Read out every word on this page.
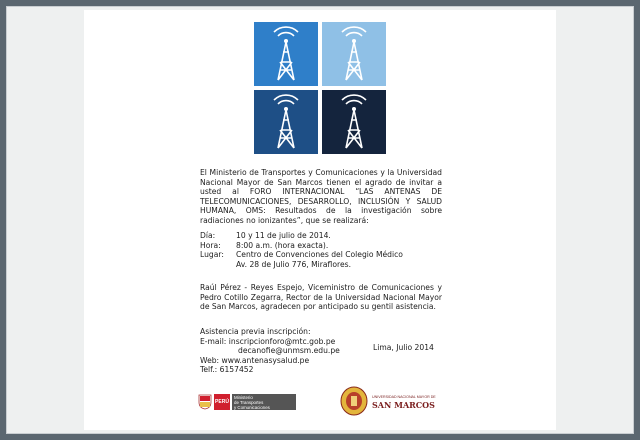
El Ministerio de Transportes y Comunicaciones y la Universidad Nacional Mayor de San Marcos tienen el agrado de invitar a usted al FORO INTERNACIONAL “LAS ANTENAS DE TELECOMUNICACIONES, DESARROLLO, INCLUSIÓN Y SALUD HUMANA, OMS: Resultados de la investigación sobre radiaciones no ionizantes”, que se realizará:
Día:	10 y 11 de julio de 2014.
Hora:	8:00 a.m. (hora exacta).
Lugar:	Centro de Convenciones del Colegio Médico
Av. 28 de Julio 776, Miraflores.
Raúl Pérez - Reyes Espejo, Viceministro de Comunicaciones y Pedro Cotillo Zegarra, Rector de la Universidad Nacional Mayor de San Marcos, agradecen por anticipado su gentil asistencia.
Asistencia previa inscripción:
E-mail: inscripcionforo@mtc.gob.pe
decanofie@unmsm.edu.pe
Web: www.antenasysalud.pe
Telf.: 6157452
Lima, Julio 2014
PERÚ
Ministerio
de Transportes
y Comunicaciones
UNIVERSIDAD NACIONAL MAYOR DE
SAN MARCOS
